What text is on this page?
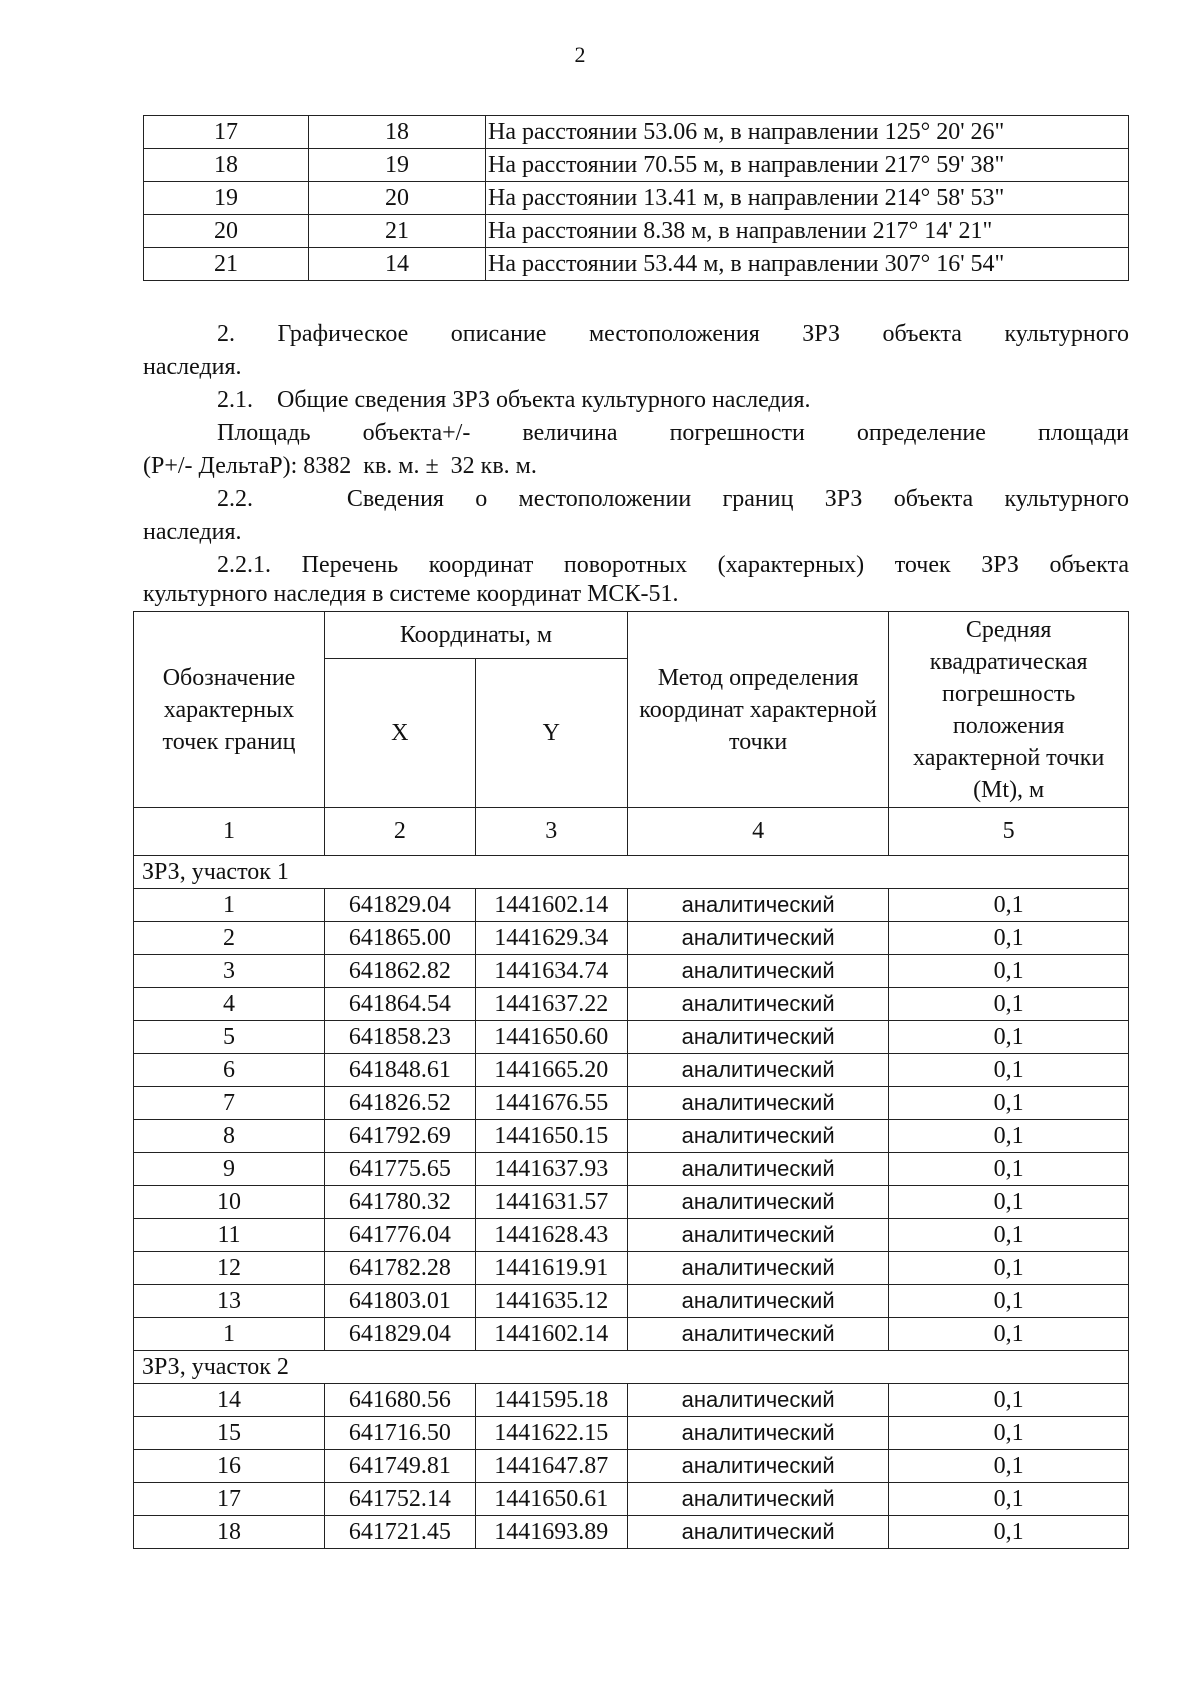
2
17	18	На расстоянии 53.06 м, в направлении 125° 20' 26"
18	19	На расстоянии 70.55 м, в направлении 217° 59' 38"
19	20	На расстоянии 13.41 м, в направлении 214° 58' 53"
20	21	На расстоянии 8.38 м, в направлении 217° 14' 21"
21	14	На расстоянии 53.44 м, в направлении 307° 16' 54"
2. Графическое описание местоположения ЗРЗ объекта культурного
наследия.
2.1.    Общие сведения ЗРЗ объекта культурного наследия.
Площадь объекта+/- величина погрешности определение площади
(Р+/- ДельтаР): 8382  кв. м. ±  32 кв. м.
2.2.   Сведения о местоположении границ ЗРЗ объекта культурного
наследия.
2.2.1. Перечень координат поворотных (характерных) точек ЗРЗ объекта
культурного наследия в системе координат МСК-51.
Обозначение характерных точек границ	Координаты, м		Метод определения координат характерной точки	Средняя квадратическая погрешность положения характерной точки (Mt), м
	X	Y		
1	2	3	4	5
ЗРЗ, участок 1				
1	641829.04	1441602.14	аналитический	0,1
2	641865.00	1441629.34	аналитический	0,1
3	641862.82	1441634.74	аналитический	0,1
4	641864.54	1441637.22	аналитический	0,1
5	641858.23	1441650.60	аналитический	0,1
6	641848.61	1441665.20	аналитический	0,1
7	641826.52	1441676.55	аналитический	0,1
8	641792.69	1441650.15	аналитический	0,1
9	641775.65	1441637.93	аналитический	0,1
10	641780.32	1441631.57	аналитический	0,1
11	641776.04	1441628.43	аналитический	0,1
12	641782.28	1441619.91	аналитический	0,1
13	641803.01	1441635.12	аналитический	0,1
1	641829.04	1441602.14	аналитический	0,1
ЗРЗ, участок 2				
14	641680.56	1441595.18	аналитический	0,1
15	641716.50	1441622.15	аналитический	0,1
16	641749.81	1441647.87	аналитический	0,1
17	641752.14	1441650.61	аналитический	0,1
18	641721.45	1441693.89	аналитический	0,1
